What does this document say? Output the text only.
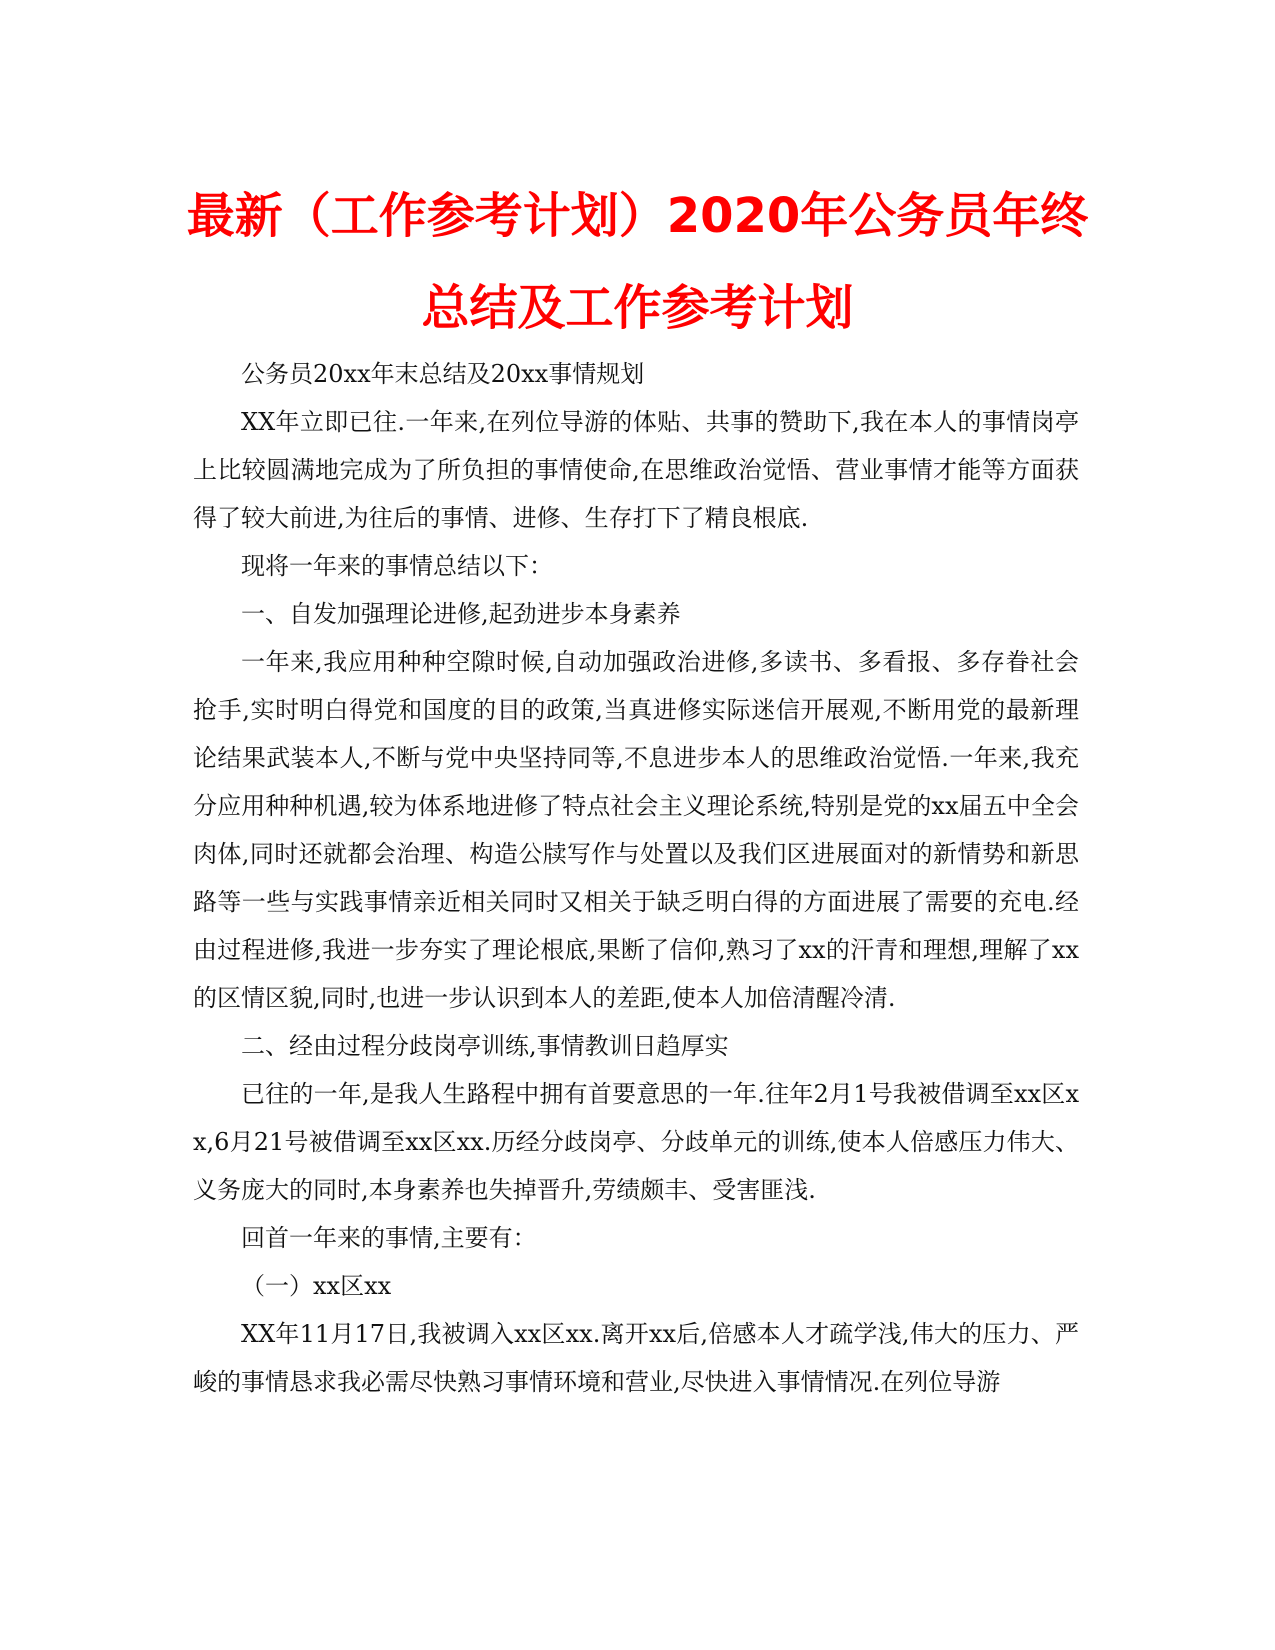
最新（工作参考计划）2020年公务员年终
总结及工作参考计划

公务员20xx年末总结及20xx事情规划

XX年立即已往.一年来,在列位导游的体贴、共事的赞助下,我在本人的事情岗亭上比较圆满地完成为了所负担的事情使命,在思维政治觉悟、营业事情才能等方面获得了较大前进,为往后的事情、进修、生存打下了精良根底.

现将一年来的事情总结以下：

一、自发加强理论进修,起劲进步本身素养

一年来,我应用种种空隙时候,自动加强政治进修,多读书、多看报、多存眷社会抢手,实时明白得党和国度的目的政策,当真进修实际迷信开展观,不断用党的最新理论结果武装本人,不断与党中央坚持同等,不息进步本人的思维政治觉悟.一年来,我充分应用种种机遇,较为体系地进修了特点社会主义理论系统,特别是党的xx届五中全会肉体,同时还就都会治理、构造公牍写作与处置以及我们区进展面对的新情势和新思路等一些与实践事情亲近相关同时又相关于缺乏明白得的方面进展了需要的充电.经由过程进修,我进一步夯实了理论根底,果断了信仰,熟习了xx的汗青和理想,理解了xx的区情区貌,同时,也进一步认识到本人的差距,使本人加倍清醒冷清.

二、经由过程分歧岗亭训练,事情教训日趋厚实

已往的一年,是我人生路程中拥有首要意思的一年.往年2月1号我被借调至xx区xx,6月21号被借调至xx区xx.历经分歧岗亭、分歧单元的训练,使本人倍感压力伟大、义务庞大的同时,本身素养也失掉晋升,劳绩颇丰、受害匪浅.

回首一年来的事情,主要有：

（一）xx区xx

XX年11月17日,我被调入xx区xx.离开xx后,倍感本人才疏学浅,伟大的压力、严峻的事情恳求我必需尽快熟习事情环境和营业,尽快进入事情情况.在列位导游
